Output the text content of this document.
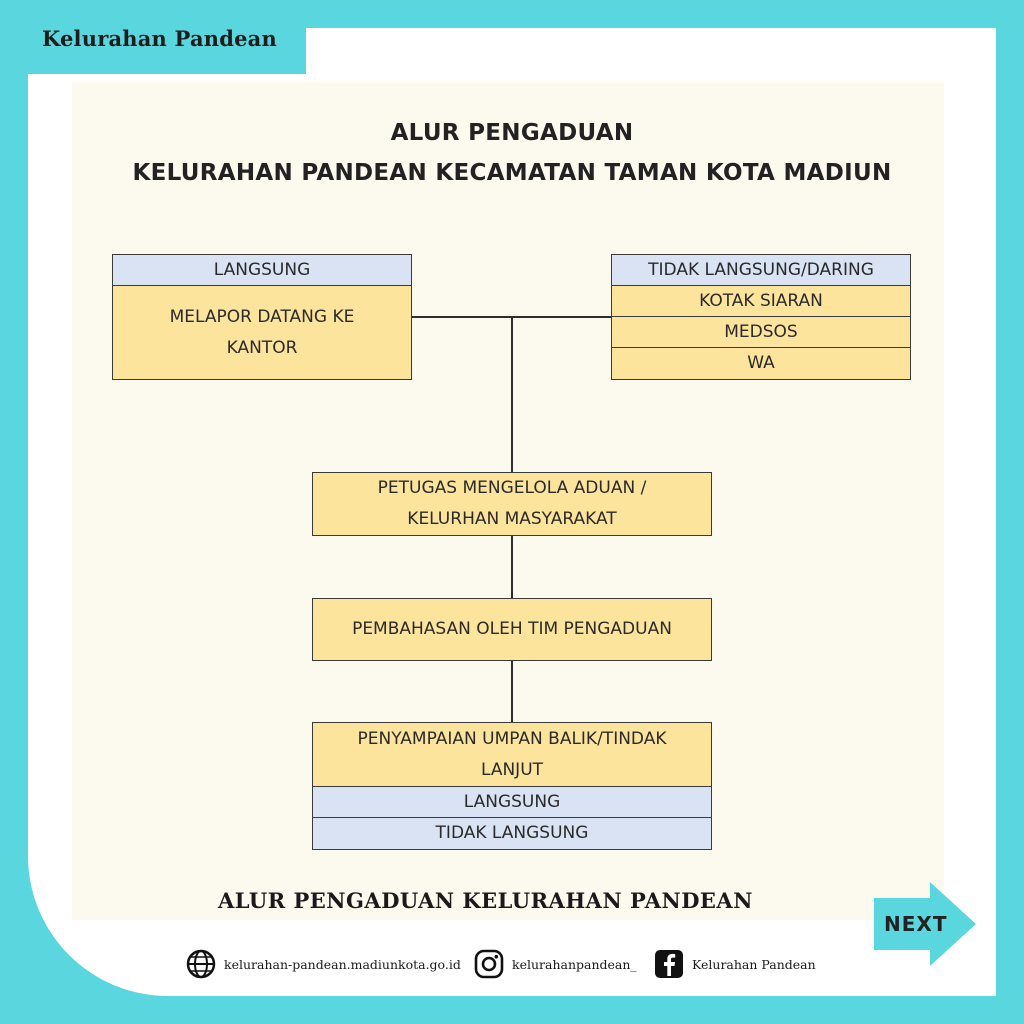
Kelurahan Pandean
ALUR PENGADUAN
KELURAHAN PANDEAN KECAMATAN TAMAN KOTA MADIUN
LANGSUNG
MELAPOR DATANG KE
KANTOR
TIDAK LANGSUNG/DARING
KOTAK SIARAN
MEDSOS
WA
PETUGAS MENGELOLA ADUAN /
KELURHAN MASYARAKAT
PEMBAHASAN OLEH TIM PENGADUAN
PENYAMPAIAN UMPAN BALIK/TINDAK
LANJUT
LANGSUNG
TIDAK LANGSUNG
ALUR PENGADUAN KELURAHAN PANDEAN
NEXT
kelurahan-pandean.madiunkota.go.id	kelurahanpandean_	Kelurahan Pandean
